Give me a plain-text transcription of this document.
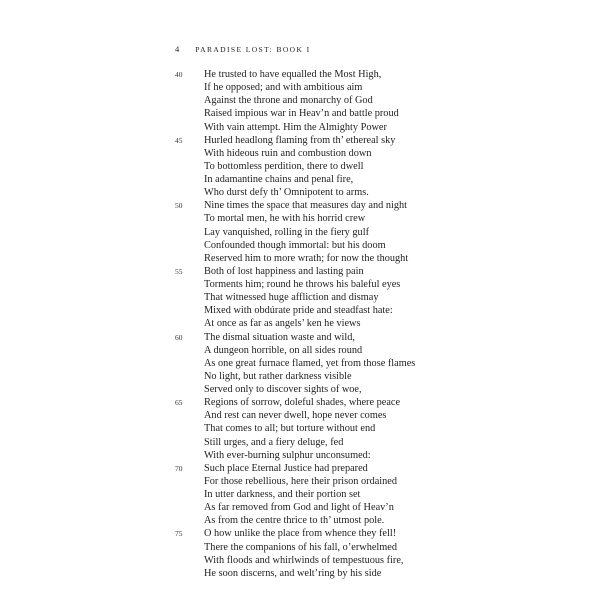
4 PARADISE LOST: BOOK I
40 He trusted to have equalled the Most High,
If he opposed; and with ambitious aim
Against the throne and monarchy of God
Raised impious war in Heav’n and battle proud
With vain attempt. Him the Almighty Power
45 Hurled headlong flaming from th’ ethereal sky
With hideous ruin and combustion down
To bottomless perdition, there to dwell
In adamantine chains and penal fire,
Who durst defy th’ Omnipotent to arms.
50 Nine times the space that measures day and night
To mortal men, he with his horrid crew
Lay vanquished, rolling in the fiery gulf
Confounded though immortal: but his doom
Reserved him to more wrath; for now the thought
55 Both of lost happiness and lasting pain
Torments him; round he throws his baleful eyes
That witnessed huge affliction and dismay
Mixed with obdúrate pride and steadfast hate:
At once as far as angels’ ken he views
60 The dismal situation waste and wild,
A dungeon horrible, on all sides round
As one great furnace flamed, yet from those flames
No light, but rather darkness visible
Served only to discover sights of woe,
65 Regions of sorrow, doleful shades, where peace
And rest can never dwell, hope never comes
That comes to all; but torture without end
Still urges, and a fiery deluge, fed
With ever-burning sulphur unconsumed:
70 Such place Eternal Justice had prepared
For those rebellious, here their prison ordained
In utter darkness, and their portion set
As far removed from God and light of Heav’n
As from the centre thrice to th’ utmost pole.
75 O how unlike the place from whence they fell!
There the companions of his fall, o’erwhelmed
With floods and whirlwinds of tempestuous fire,
He soon discerns, and welt’ring by his side
